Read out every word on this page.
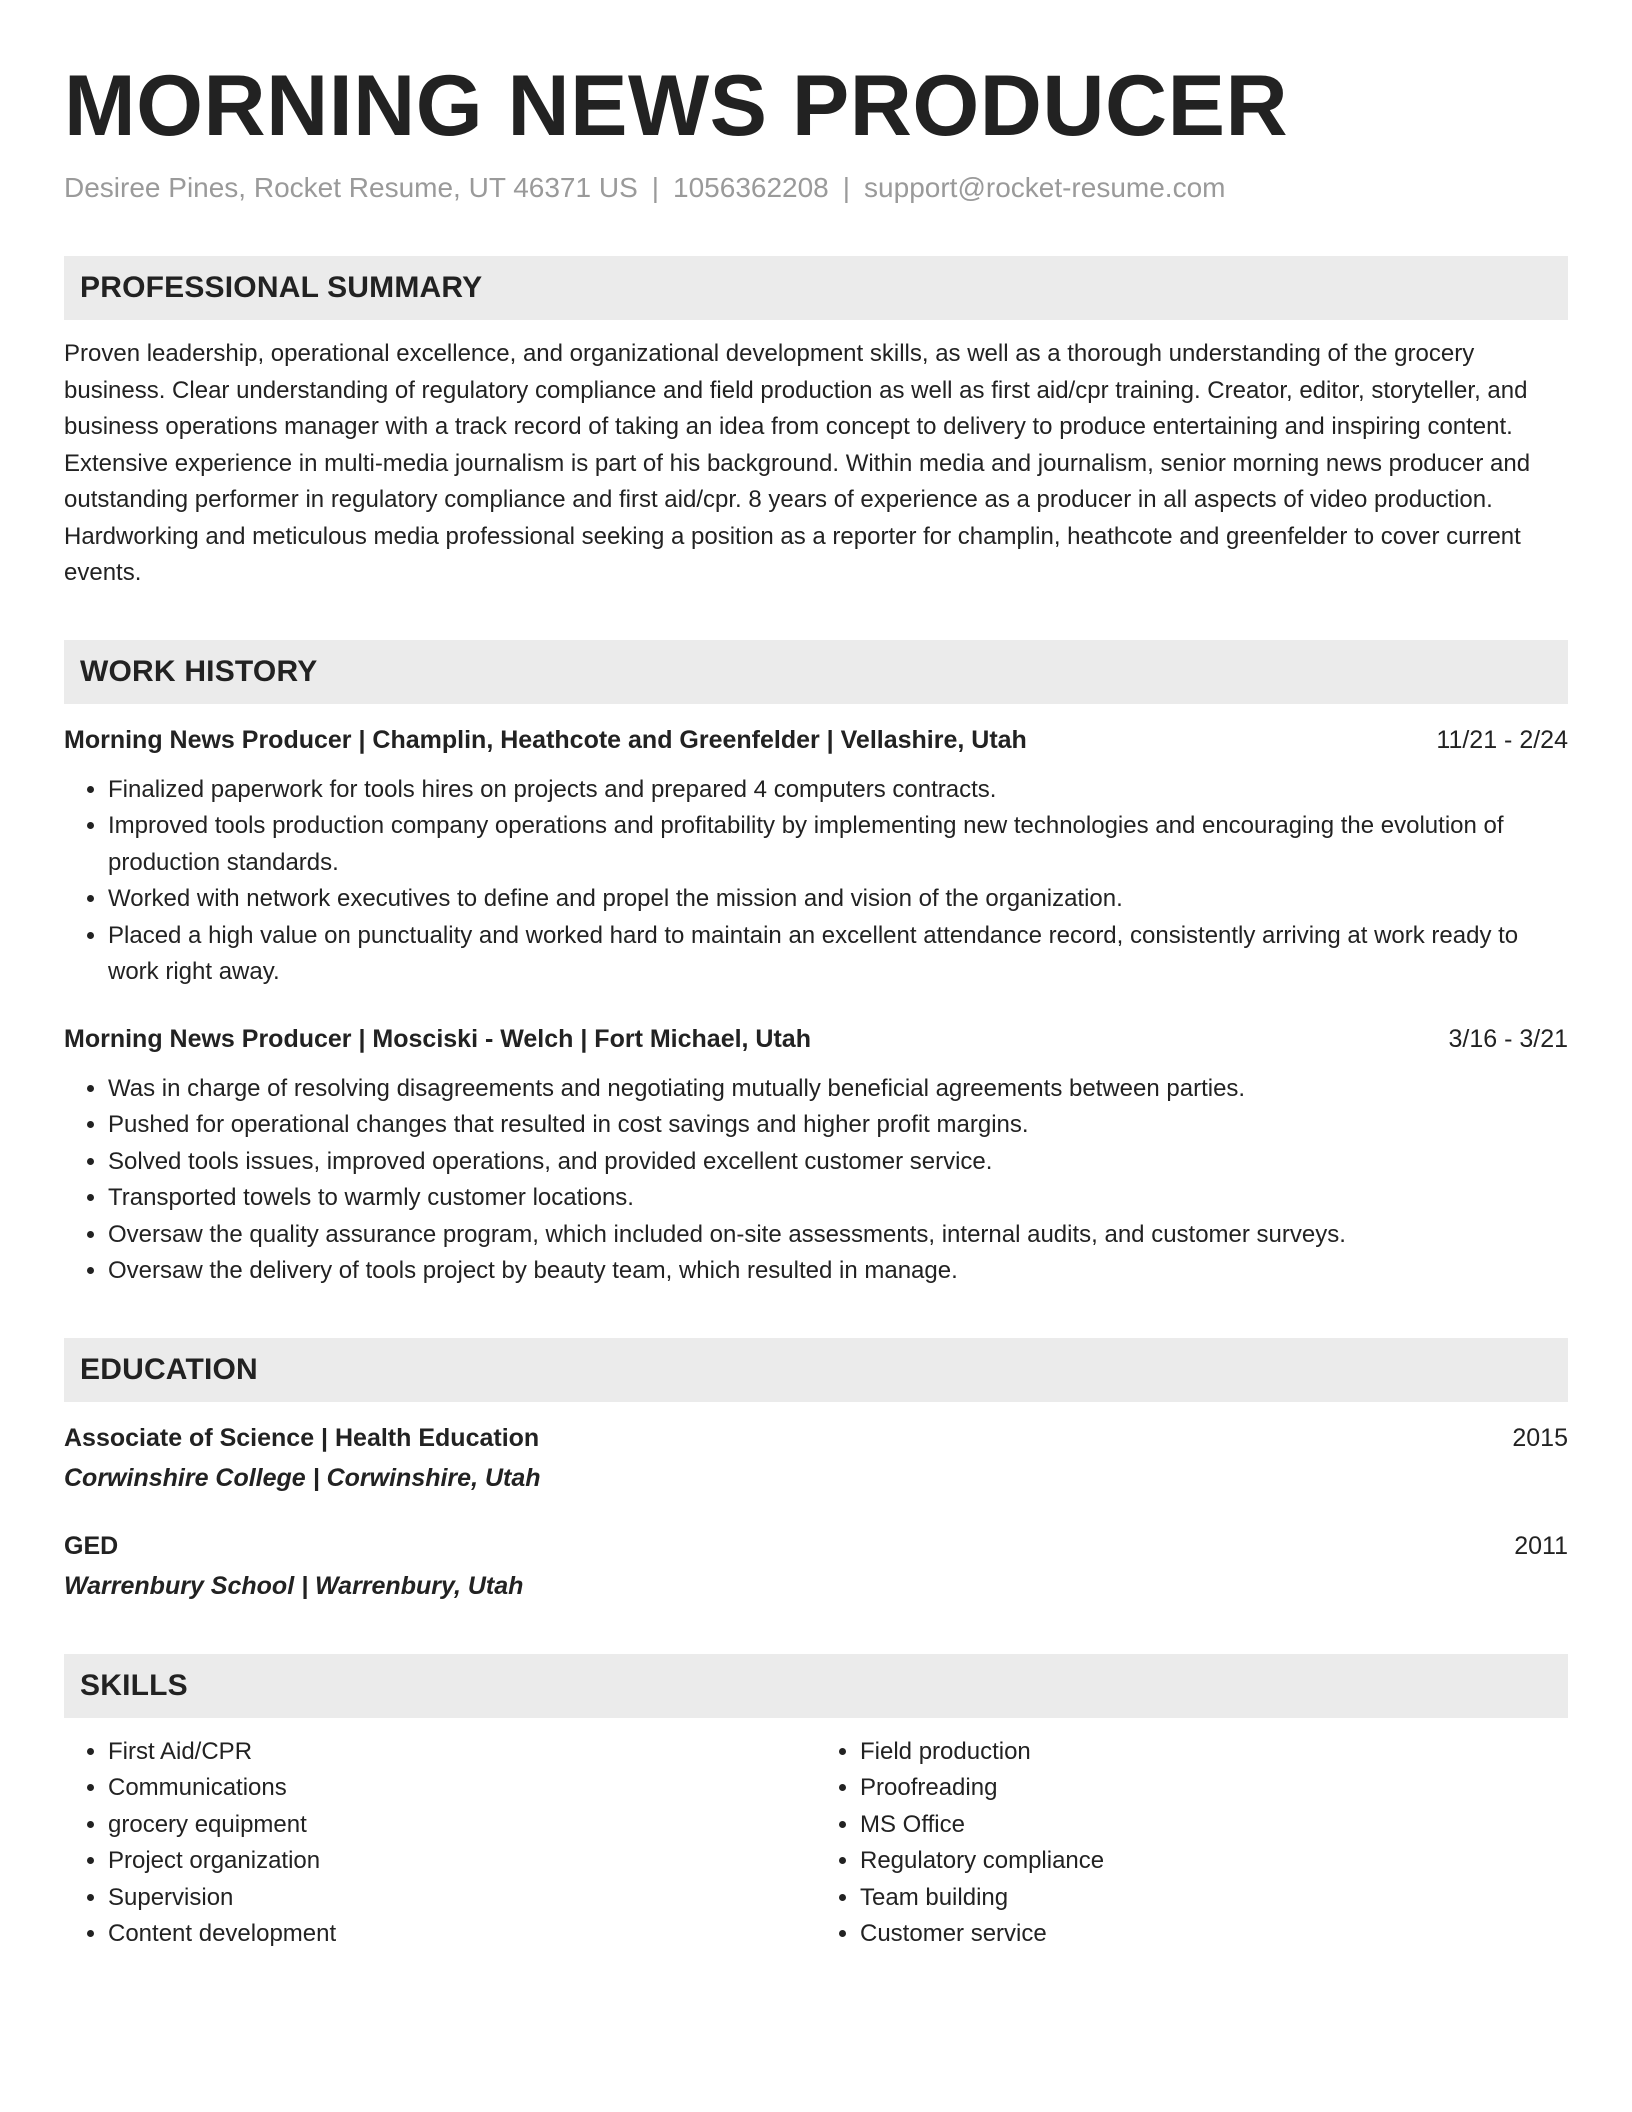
MORNING NEWS PRODUCER
Desiree Pines, Rocket Resume, UT 46371 US | 1056362208 | support@rocket-resume.com
PROFESSIONAL SUMMARY
Proven leadership, operational excellence, and organizational development skills, as well as a thorough understanding of the grocery business. Clear understanding of regulatory compliance and field production as well as first aid/cpr training. Creator, editor, storyteller, and business operations manager with a track record of taking an idea from concept to delivery to produce entertaining and inspiring content. Extensive experience in multi-media journalism is part of his background. Within media and journalism, senior morning news producer and outstanding performer in regulatory compliance and first aid/cpr. 8 years of experience as a producer in all aspects of video production. Hardworking and meticulous media professional seeking a position as a reporter for champlin, heathcote and greenfelder to cover current events.
WORK HISTORY
Morning News Producer | Champlin, Heathcote and Greenfelder | Vellashire, Utah	11/21 - 2/24
• Finalized paperwork for tools hires on projects and prepared 4 computers contracts.
• Improved tools production company operations and profitability by implementing new technologies and encouraging the evolution of production standards.
• Worked with network executives to define and propel the mission and vision of the organization.
• Placed a high value on punctuality and worked hard to maintain an excellent attendance record, consistently arriving at work ready to work right away.
Morning News Producer | Mosciski - Welch | Fort Michael, Utah	3/16 - 3/21
• Was in charge of resolving disagreements and negotiating mutually beneficial agreements between parties.
• Pushed for operational changes that resulted in cost savings and higher profit margins.
• Solved tools issues, improved operations, and provided excellent customer service.
• Transported towels to warmly customer locations.
• Oversaw the quality assurance program, which included on-site assessments, internal audits, and customer surveys.
• Oversaw the delivery of tools project by beauty team, which resulted in manage.
EDUCATION
Associate of Science | Health Education	2015
Corwinshire College | Corwinshire, Utah
GED	2011
Warrenbury School | Warrenbury, Utah
SKILLS
• First Aid/CPR
• Communications
• grocery equipment
• Project organization
• Supervision
• Content development
• Field production
• Proofreading
• MS Office
• Regulatory compliance
• Team building
• Customer service
